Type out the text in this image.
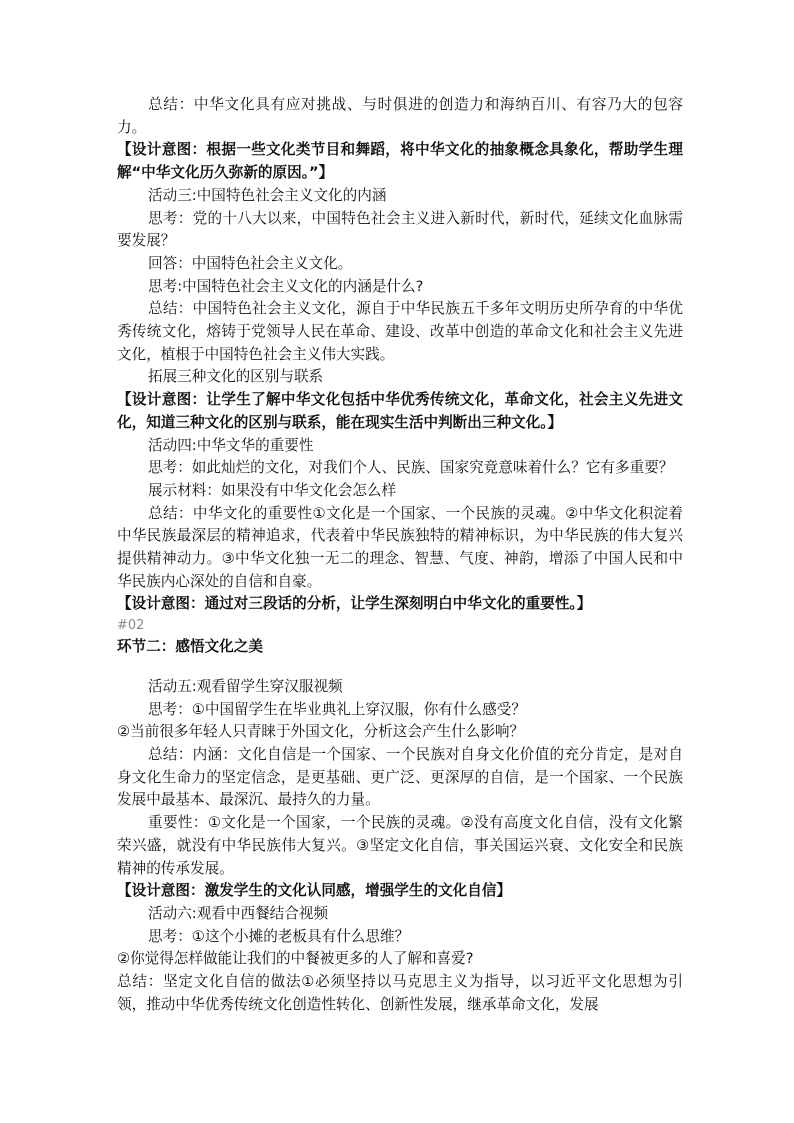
总结：中华文化具有应对挑战、与时俱进的创造力和海纳百川、有容乃大的包容力。

【设计意图：根据一些文化类节目和舞蹈，将中华文化的抽象概念具象化，帮助学生理解“中华文化历久弥新的原因。”】

活动三:中国特色社会主义文化的内涵

思考：党的十八大以来，中国特色社会主义进入新时代，新时代，延续文化血脉需要发展？

回答：中国特色社会主义文化。

思考:中国特色社会主义文化的内涵是什么?

总结：中国特色社会主义文化，源自于中华民族五千多年文明历史所孕育的中华优秀传统文化，熔铸于党领导人民在革命、建设、改革中创造的革命文化和社会主义先进文化，植根于中国特色社会主义伟大实践。

拓展三种文化的区别与联系

【设计意图：让学生了解中华文化包括中华优秀传统文化，革命文化，社会主义先进文化，知道三种文化的区别与联系，能在现实生活中判断出三种文化。】

活动四:中华文华的重要性

思考：如此灿烂的文化，对我们个人、民族、国家究竟意味着什么？它有多重要？

展示材料：如果没有中华文化会怎么样

总结：中华文化的重要性①文化是一个国家、一个民族的灵魂。②中华文化积淀着中华民族最深层的精神追求，代表着中华民族独特的精神标识，为中华民族的伟大复兴提供精神动力。③中华文化独一无二的理念、智慧、气度、神韵，增添了中国人民和中华民族内心深处的自信和自豪。

【设计意图：通过对三段话的分析，让学生深刻明白中华文化的重要性。】

#02

环节二：感悟文化之美

活动五:观看留学生穿汉服视频

思考：①中国留学生在毕业典礼上穿汉服，你有什么感受？

②当前很多年轻人只青睐于外国文化，分析这会产生什么影响？

总结：内涵：文化自信是一个国家、一个民族对自身文化价值的充分肯定，是对自身文化生命力的坚定信念，是更基础、更广泛、更深厚的自信，是一个国家、一个民族发展中最基本、最深沉、最持久的力量。

重要性：①文化是一个国家，一个民族的灵魂。②没有高度文化自信，没有文化繁荣兴盛，就没有中华民族伟大复兴。③坚定文化自信，事关国运兴衰、文化安全和民族精神的传承发展。

【设计意图：激发学生的文化认同感，增强学生的文化自信】

活动六:观看中西餐结合视频

思考：①这个小摊的老板具有什么思维？

②你觉得怎样做能让我们的中餐被更多的人了解和喜爱?

总结：坚定文化自信的做法①必须坚持以马克思主义为指导，以习近平文化思想为引领，推动中华优秀传统文化创造性转化、创新性发展，继承革命文化，发展
